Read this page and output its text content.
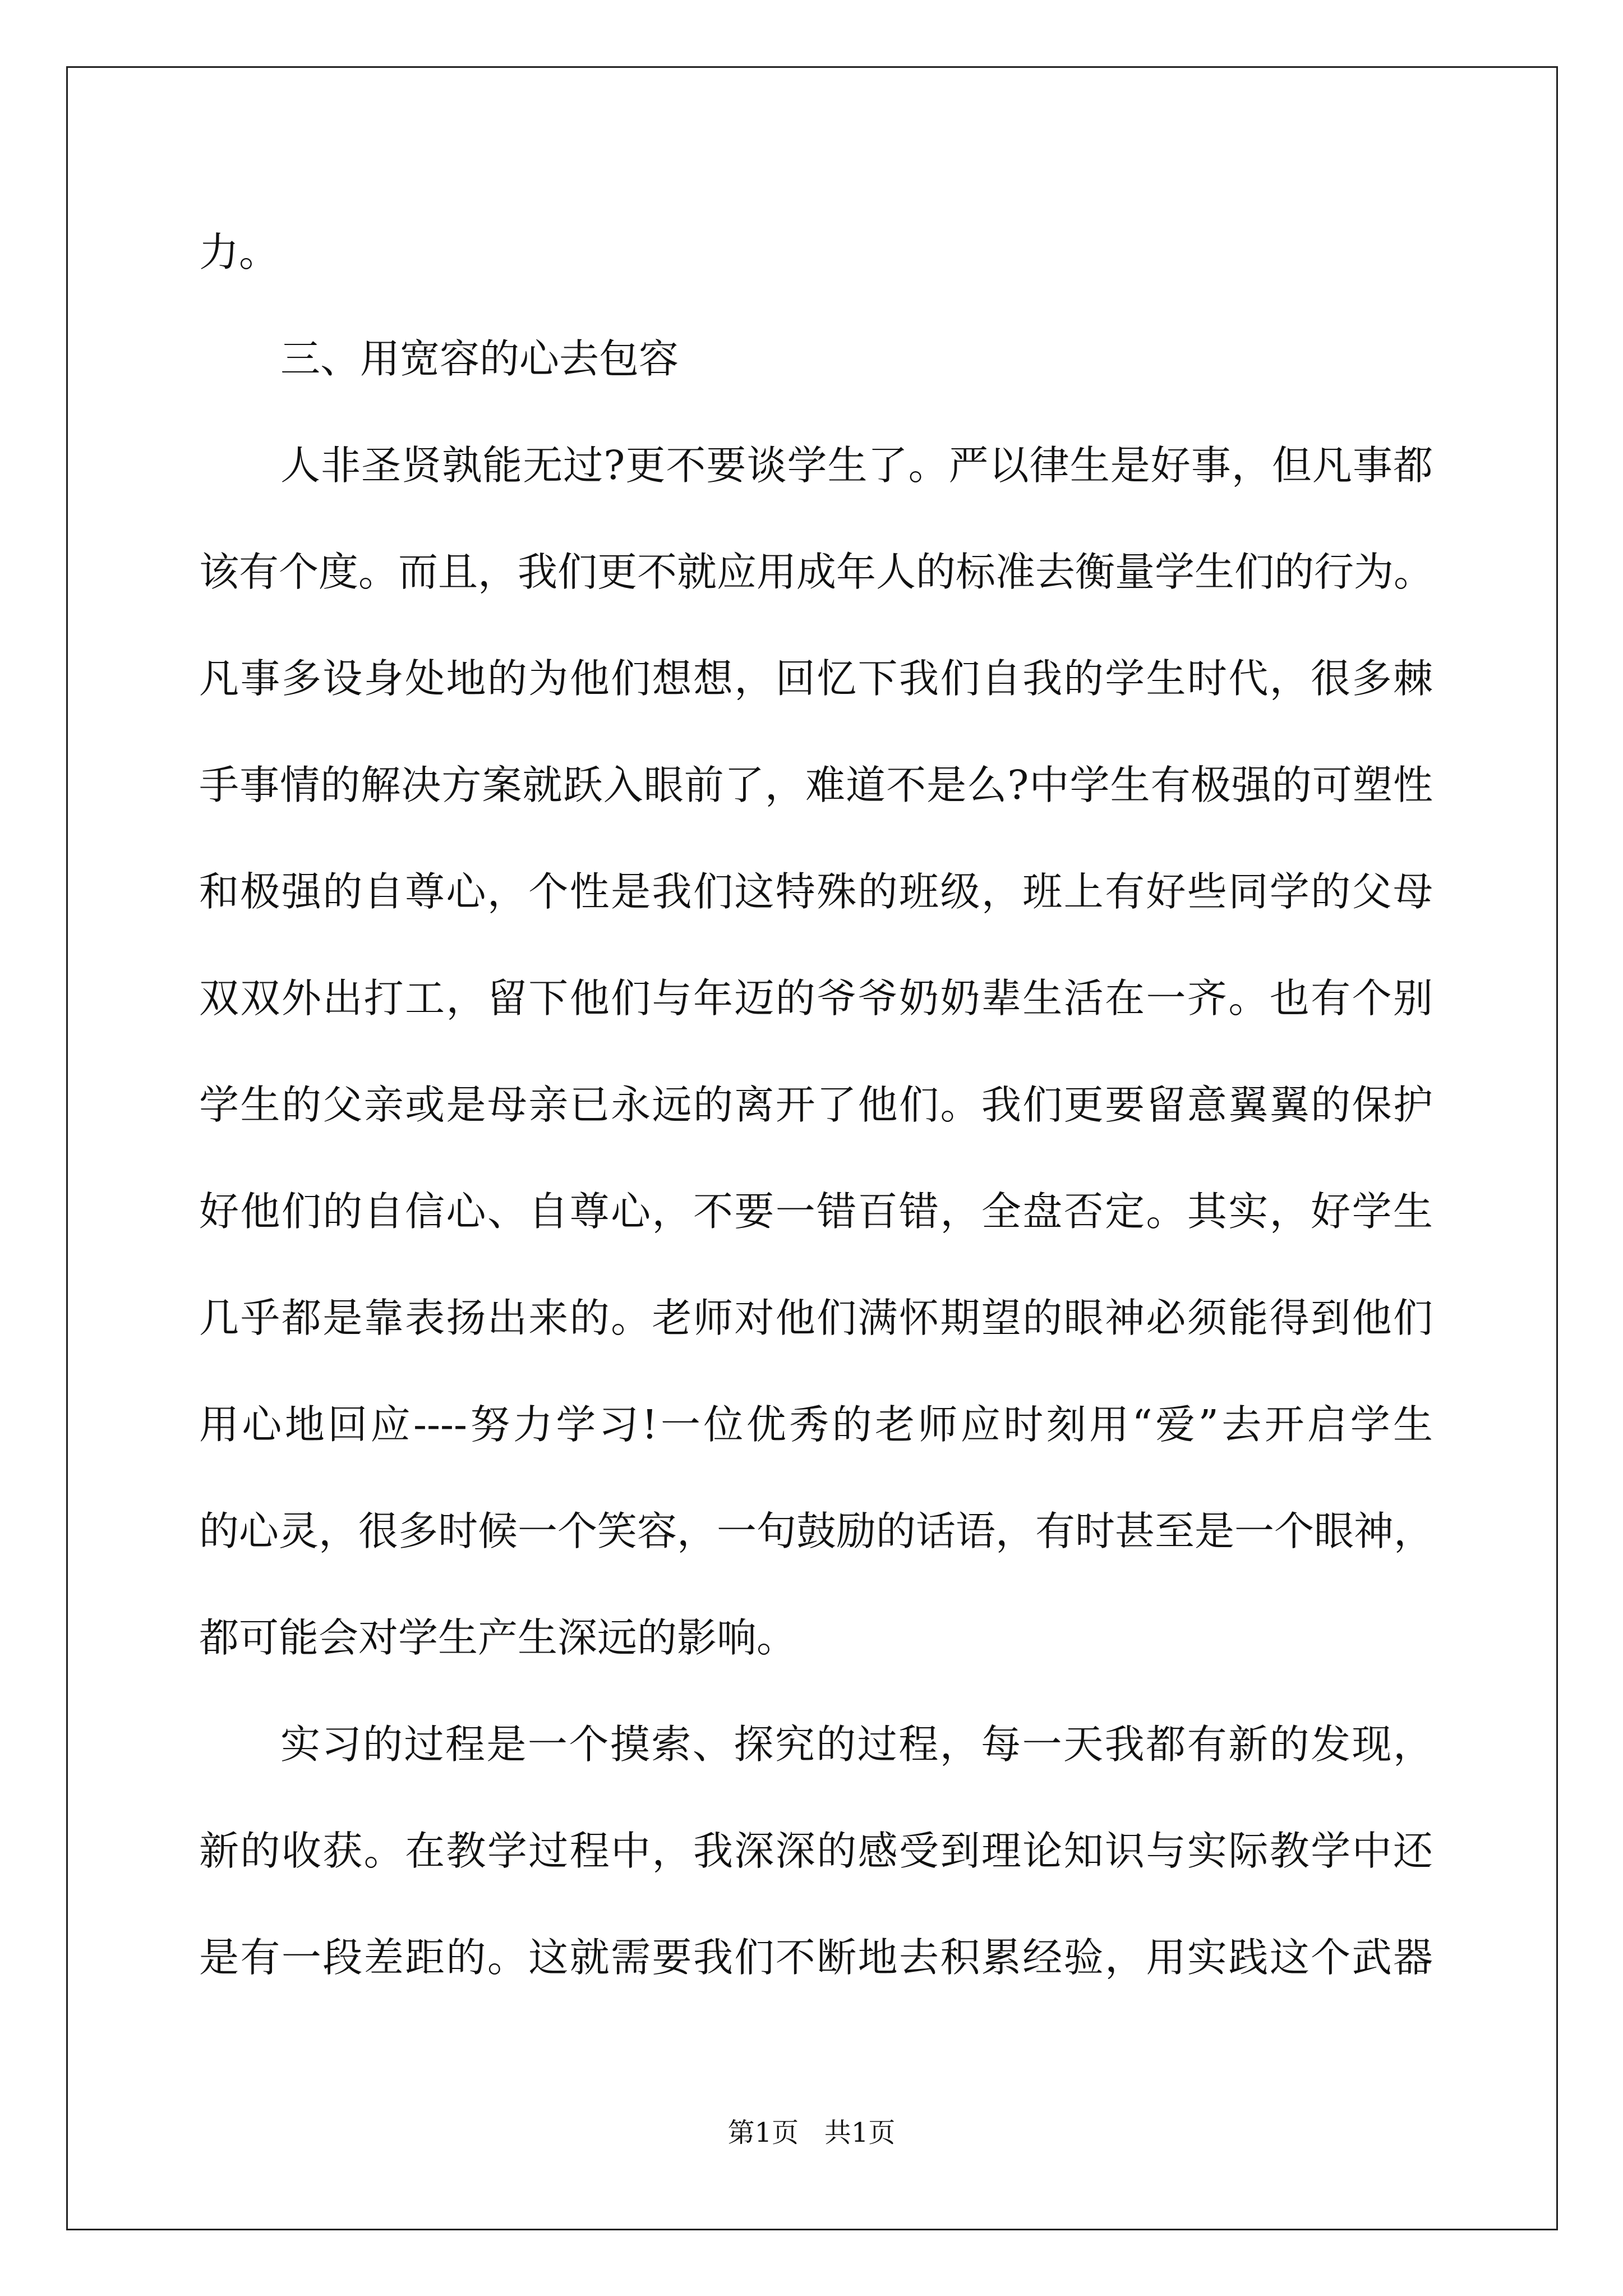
力。

三、用宽容的心去包容

人非圣贤孰能无过?更不要谈学生了。严以律生是好事，但凡事都

该有个度。而且，我们更不就应用成年人的标准去衡量学生们的行为。

凡事多设身处地的为他们想想，回忆下我们自我的学生时代，很多棘

手事情的解决方案就跃入眼前了，难道不是么?中学生有极强的可塑性

和极强的自尊心，个性是我们这特殊的班级，班上有好些同学的父母

双双外出打工，留下他们与年迈的爷爷奶奶辈生活在一齐。也有个别

学生的父亲或是母亲已永远的离开了他们。我们更要留意翼翼的保护

好他们的自信心、自尊心，不要一错百错，全盘否定。其实，好学生

几乎都是靠表扬出来的。老师对他们满怀期望的眼神必须能得到他们

用心地回应----努力学习!一位优秀的老师应时刻用“爱”去开启学生

的心灵，很多时候一个笑容，一句鼓励的话语，有时甚至是一个眼神，

都可能会对学生产生深远的影响。

实习的过程是一个摸索、探究的过程，每一天我都有新的发现，

新的收获。在教学过程中，我深深的感受到理论知识与实际教学中还

是有一段差距的。这就需要我们不断地去积累经验，用实践这个武器

第1页   共1页
